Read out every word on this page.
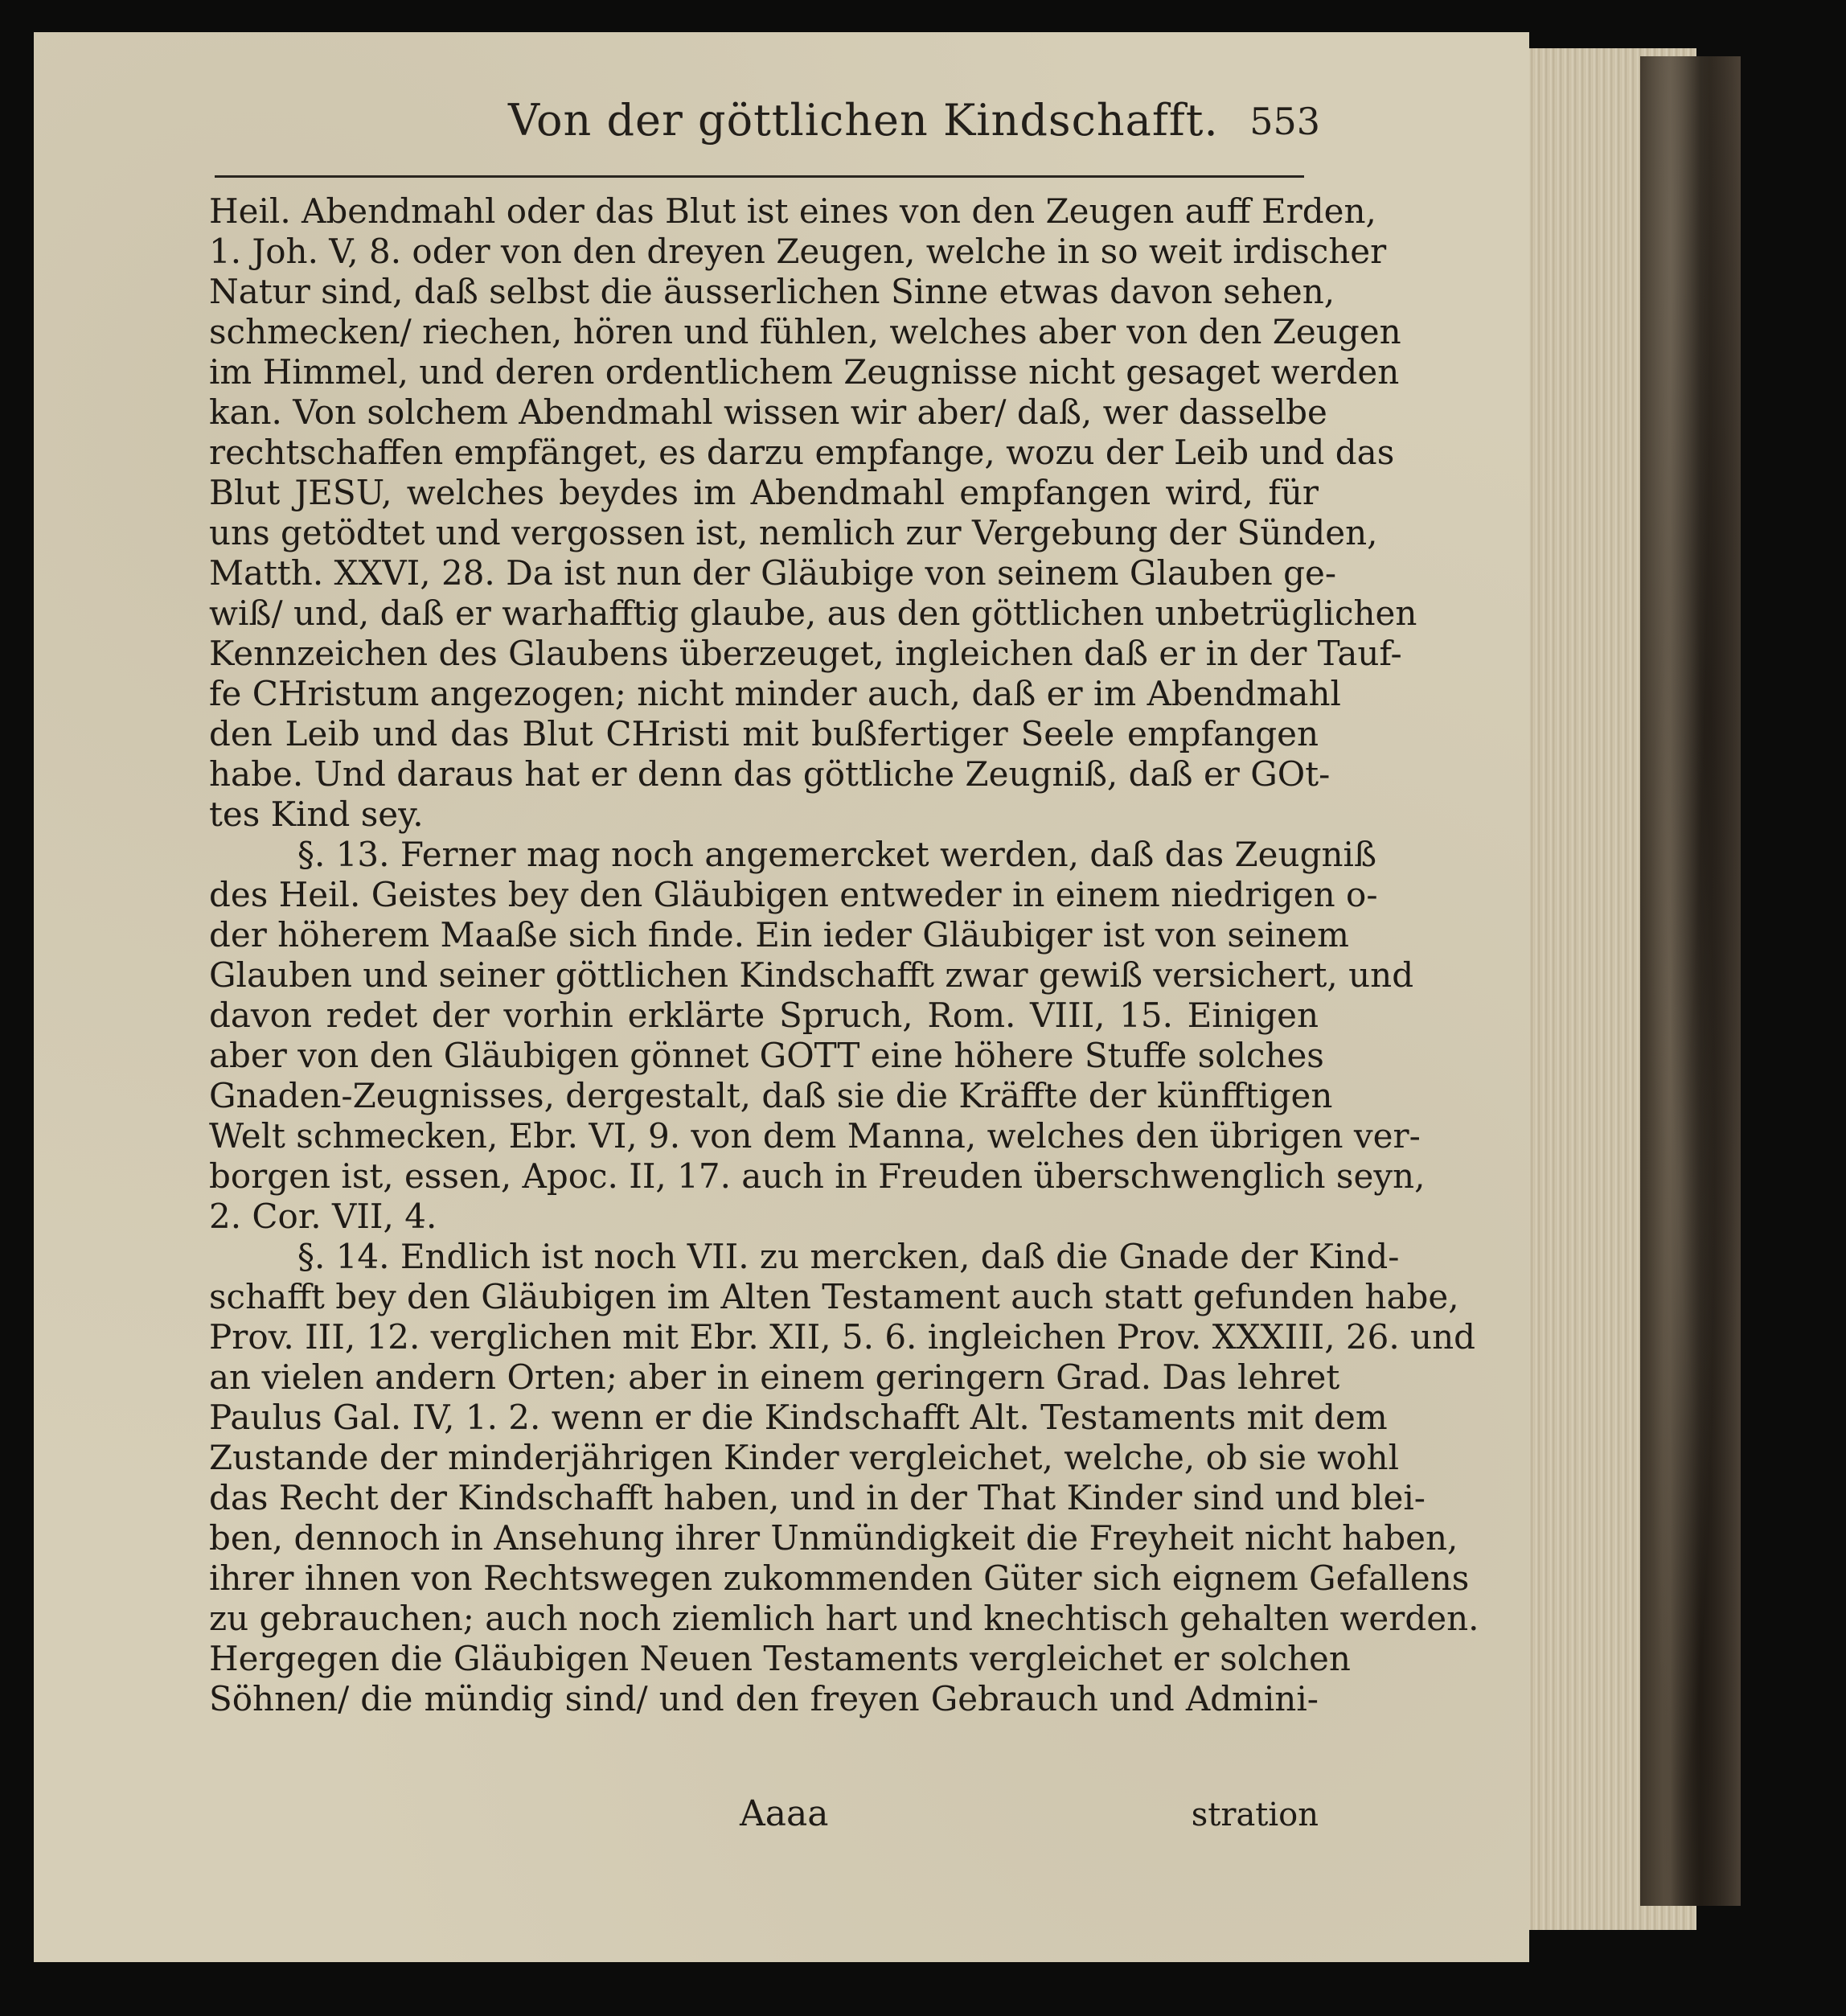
Von der göttlichen Kindschafft. 553
Heil. Abendmahl oder das Blut ist eines von den Zeugen auff Erden,
1. Joh. V, 8. oder von den dreyen Zeugen, welche in so weit irdischer
Natur sind, daß selbst die äusserlichen Sinne etwas davon sehen,
schmecken/ riechen, hören und fühlen, welches aber von den Zeugen
im Himmel, und deren ordentlichem Zeugnisse nicht gesaget werden
kan. Von solchem Abendmahl wissen wir aber/ daß, wer dasselbe
rechtschaffen empfänget, es darzu empfange, wozu der Leib und das
Blut JESU, welches beydes im Abendmahl empfangen wird, für
uns getödtet und vergossen ist, nemlich zur Vergebung der Sünden,
Matth. XXVI, 28. Da ist nun der Gläubige von seinem Glauben ge-
wiß/ und, daß er warhafftig glaube, aus den göttlichen unbetrüglichen
Kennzeichen des Glaubens überzeuget, ingleichen daß er in der Tauf-
fe CHristum angezogen; nicht minder auch, daß er im Abendmahl
den Leib und das Blut CHristi mit bußfertiger Seele empfangen
habe. Und daraus hat er denn das göttliche Zeugniß, daß er GOt-
tes Kind sey.
§. 13. Ferner mag noch angemercket werden, daß das Zeugniß
des Heil. Geistes bey den Gläubigen entweder in einem niedrigen o-
der höherem Maaße sich finde. Ein ieder Gläubiger ist von seinem
Glauben und seiner göttlichen Kindschafft zwar gewiß versichert, und
davon redet der vorhin erklärte Spruch, Rom. VIII, 15. Einigen
aber von den Gläubigen gönnet GOTT eine höhere Stuffe solches
Gnaden-Zeugnisses, dergestalt, daß sie die Kräffte der künfftigen
Welt schmecken, Ebr. VI, 9. von dem Manna, welches den übrigen ver-
borgen ist, essen, Apoc. II, 17. auch in Freuden überschwenglich seyn,
2. Cor. VII, 4.
§. 14. Endlich ist noch VII. zu mercken, daß die Gnade der Kind-
schafft bey den Gläubigen im Alten Testament auch statt gefunden habe,
Prov. III, 12. verglichen mit Ebr. XII, 5. 6. ingleichen Prov. XXXIII, 26. und
an vielen andern Orten; aber in einem geringern Grad. Das lehret
Paulus Gal. IV, 1. 2. wenn er die Kindschafft Alt. Testaments mit dem
Zustande der minderjährigen Kinder vergleichet, welche, ob sie wohl
das Recht der Kindschafft haben, und in der That Kinder sind und blei-
ben, dennoch in Ansehung ihrer Unmündigkeit die Freyheit nicht haben,
ihrer ihnen von Rechtswegen zukommenden Güter sich eignem Gefallens
zu gebrauchen; auch noch ziemlich hart und knechtisch gehalten werden.
Hergegen die Gläubigen Neuen Testaments vergleichet er solchen
Söhnen/ die mündig sind/ und den freyen Gebrauch und Admini-
Aaaa	stration
